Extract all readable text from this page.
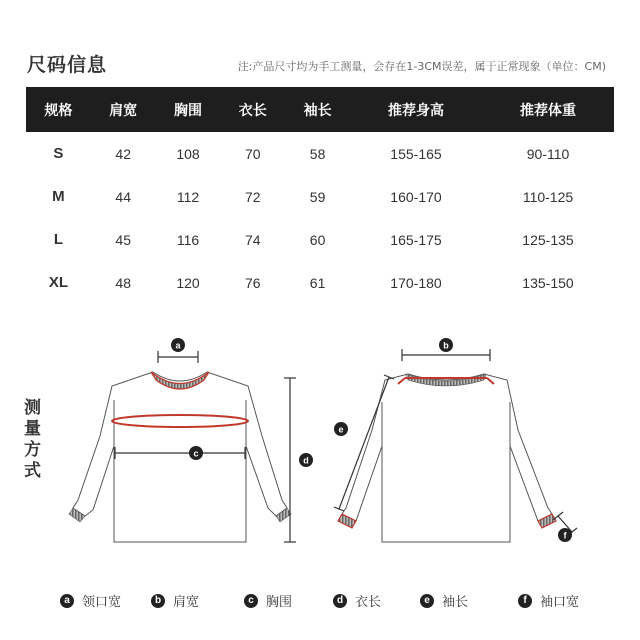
尺码信息	注:产品尺寸均为手工测量，会存在1-3CM误差，属于正常现象（单位：CM)
规格	肩宽	胸围	衣长	袖长	推荐身高	推荐体重
S	42	108	70	58	155-165	90-110
M	44	112	72	59	160-170	110-125
L	45	116	74	60	165-175	125-135
XL	48	120	76	61	170-180	135-150
测
量
方
式
a	b
c
d
e
f
a 领口宽	b 肩宽	c 胸围	d 衣长	e 袖长	f	袖口宽
